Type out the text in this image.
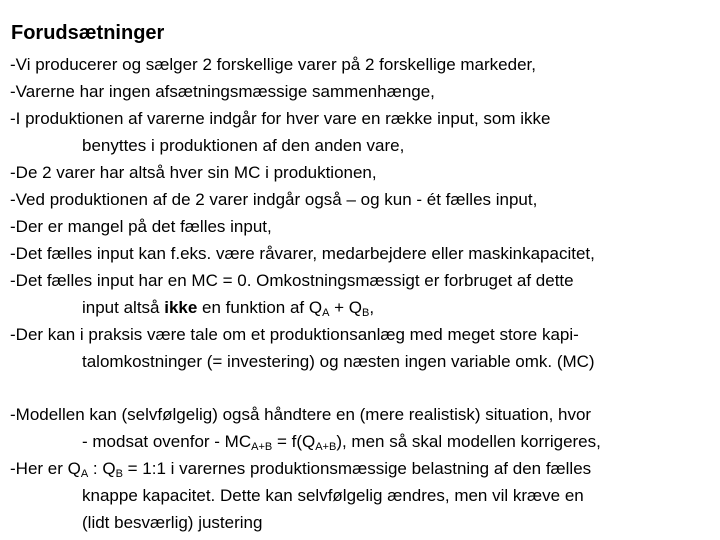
Forudsætninger
-Vi producerer og sælger 2 forskellige varer på 2 forskellige markeder,
-Varerne har ingen afsætningsmæssige sammenhænge,
-I produktionen af varerne indgår for hver vare en række input, som ikke
benyttes i produktionen af den anden vare,
-De 2 varer har altså hver sin MC i produktionen,
-Ved produktionen af de 2 varer indgår også – og kun - ét fælles input,
-Der er mangel på det fælles input,
-Det fælles input kan f.eks. være råvarer, medarbejdere eller maskinkapacitet,
-Det fælles input har en MC = 0. Omkostningsmæssigt er forbruget af dette
input altså ikke en funktion af $Q_A + Q_B$,
-Der kan i praksis være tale om et produktionsanlæg med meget store kapi-
talomkostninger (= investering) og næsten ingen variable omk. (MC)
-Modellen kan (selvfølgelig) også håndtere en (mere realistisk) situation, hvor
- modsat ovenfor - $MC_{A+B} = f(Q_{A+B})$, men så skal modellen korrigeres,
-Her er $Q_A$ : $Q_B$ = 1:1 i varernes produktionsmæssige belastning af den fælles
knappe kapacitet. Dette kan selvfølgelig ændres, men vil kræve en
(lidt besværlig) justering
